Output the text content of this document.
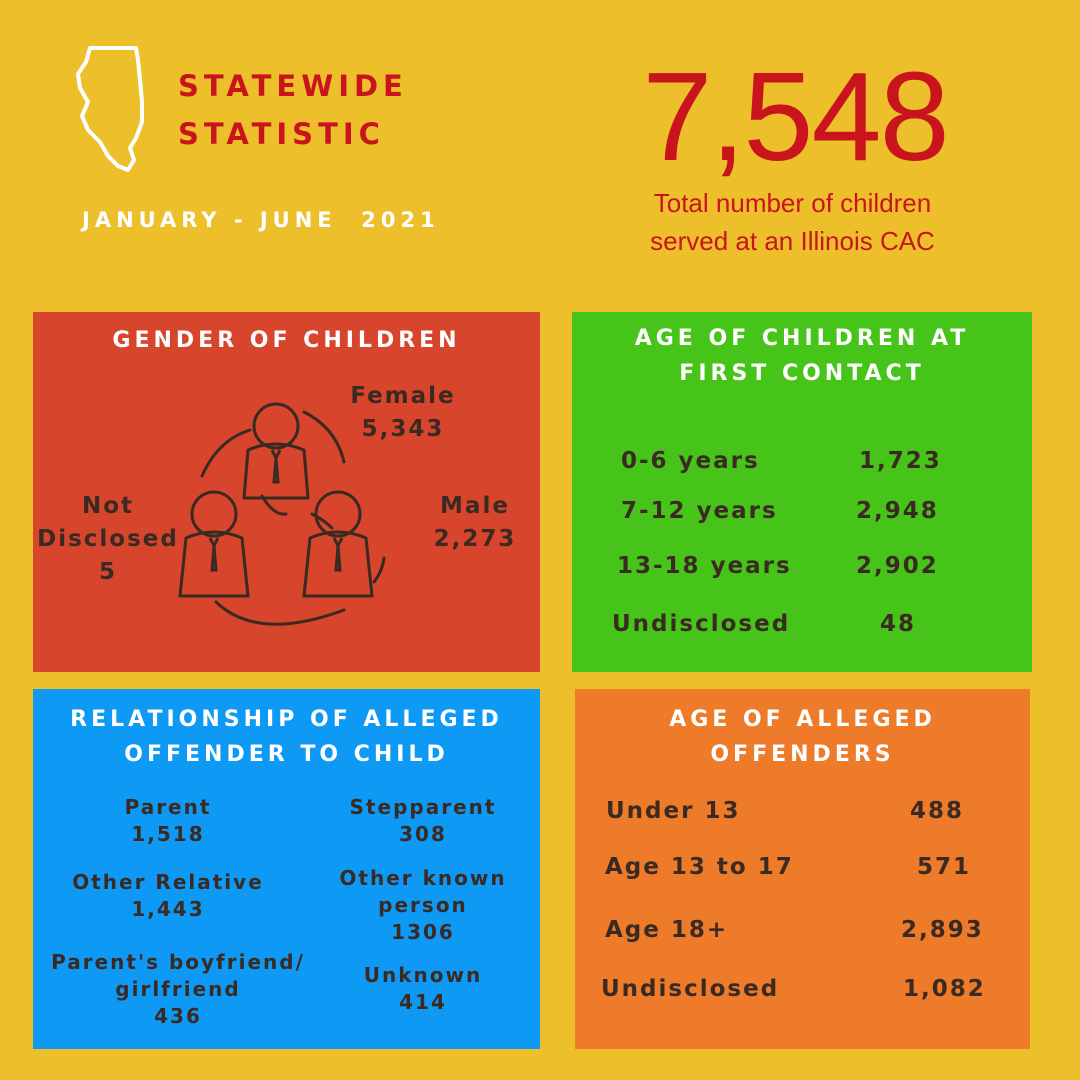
STATEWIDE
STATISTIC
JANUARY - JUNE  2021
7,548
Total number of children
served at an Illinois CAC
GENDER OF CHILDREN
Female
5,343
Male
2,273
Not
Disclosed
5
AGE OF CHILDREN AT
FIRST CONTACT
0-6 years	1,723
7-12 years	2,948
13-18 years	2,902
Undisclosed	48
RELATIONSHIP OF ALLEGED
OFFENDER TO CHILD
Parent
1,518
Stepparent
308
Other Relative
1,443
Other known
person
1306
Parent's boyfriend/
girlfriend
436
Unknown
414
AGE OF ALLEGED
OFFENDERS
Under 13	488
Age 13 to 17	571
Age 18+	2,893
Undisclosed	1,082
